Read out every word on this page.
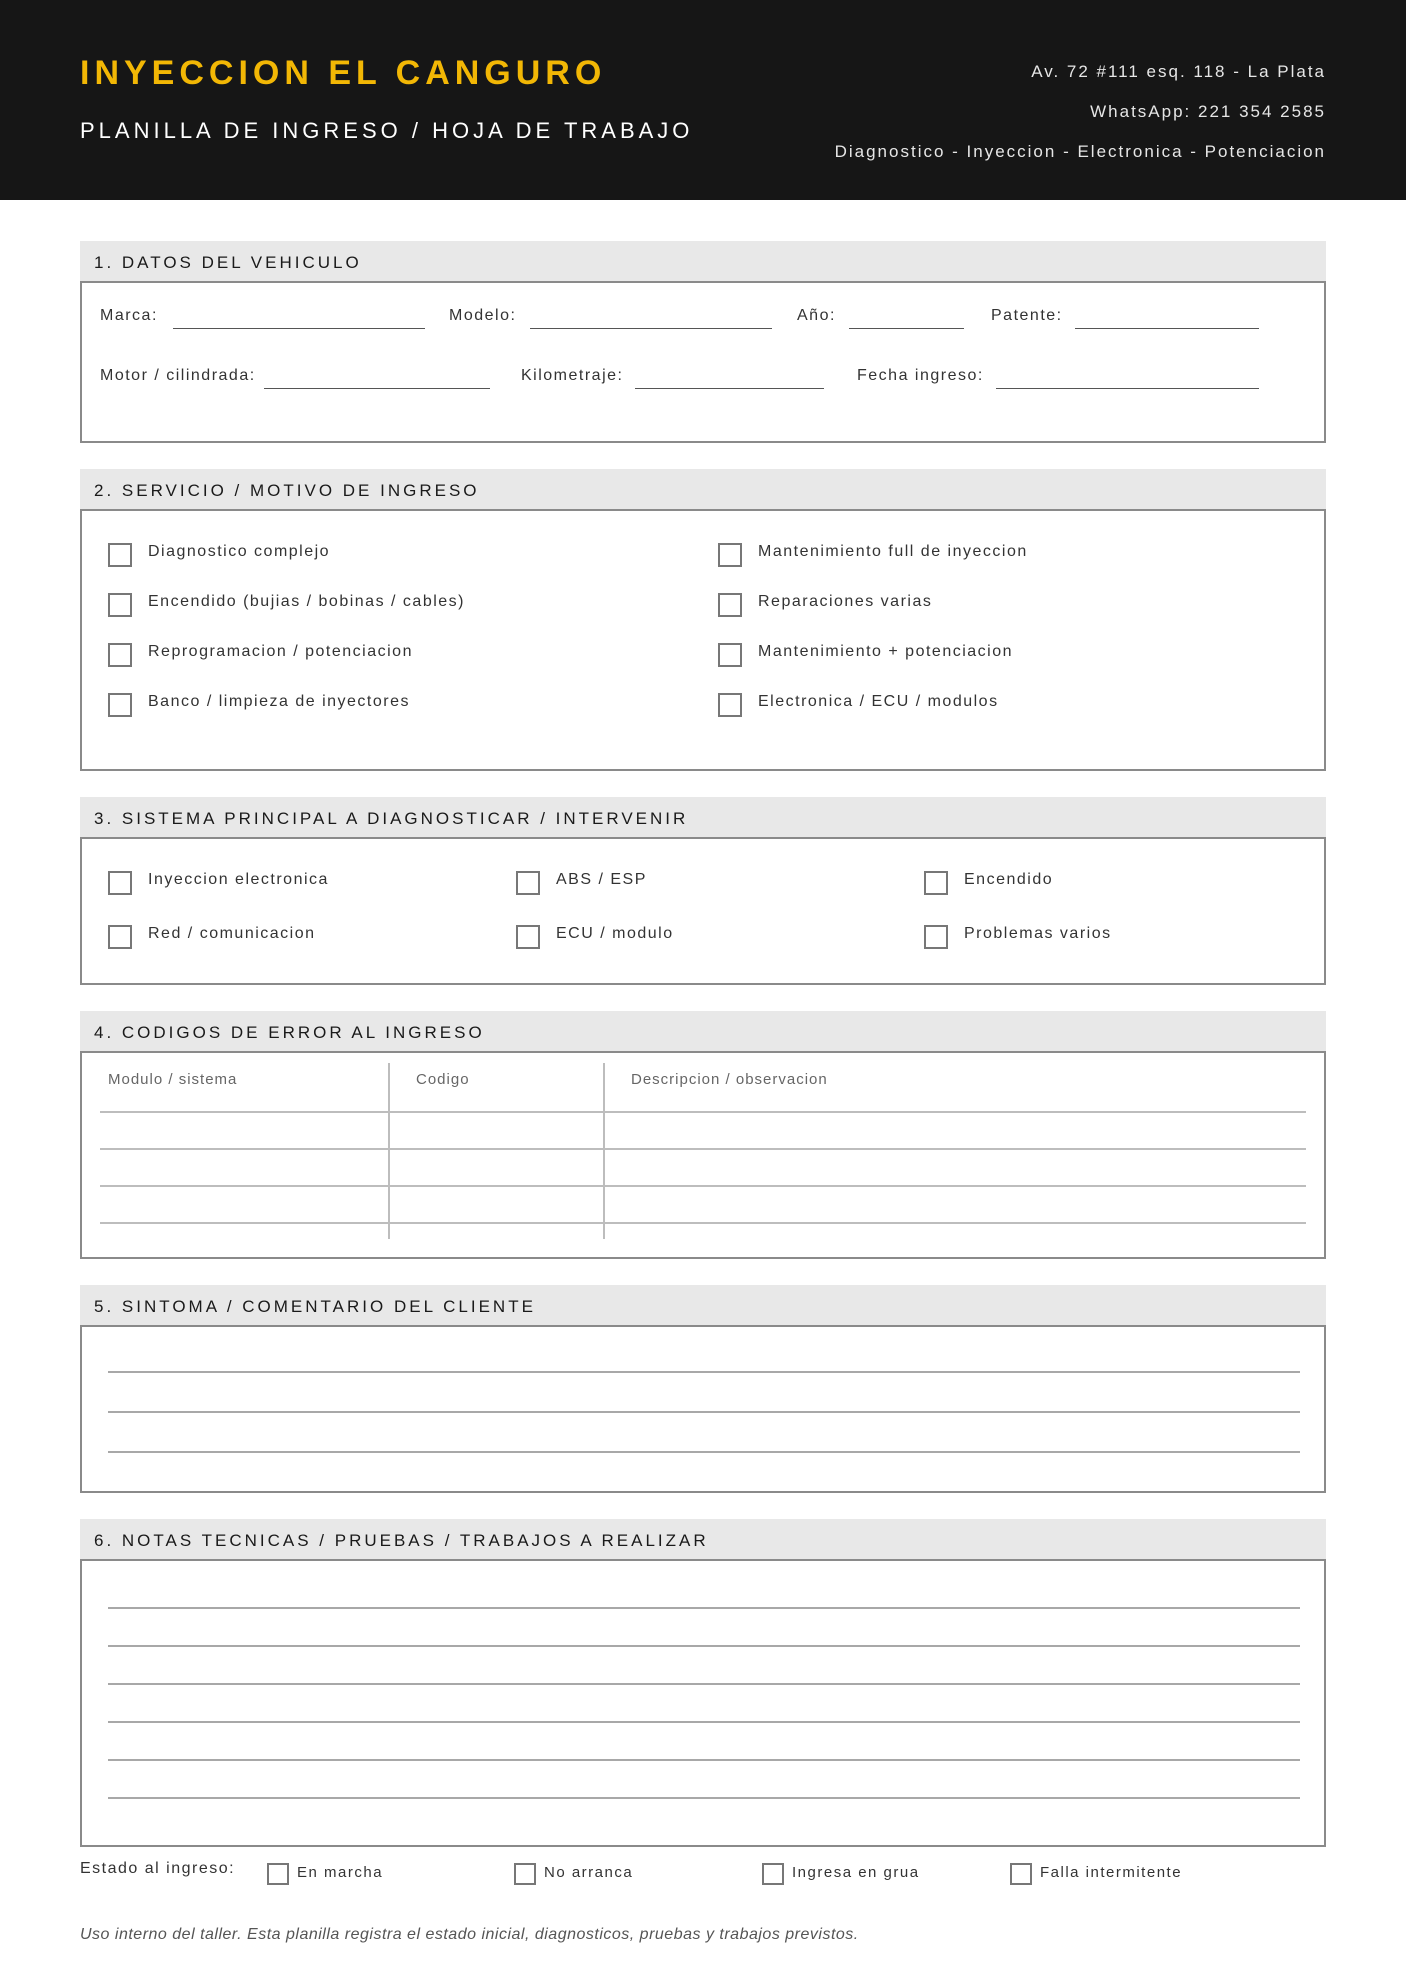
INYECCION EL CANGURO
PLANILLA DE INGRESO / HOJA DE TRABAJO
Av. 72 #111 esq. 118 - La Plata
WhatsApp: 221 354 2585
Diagnostico - Inyeccion - Electronica - Potenciacion
1. DATOS DEL VEHICULO
Marca:	Modelo:	Año:	Patente:
Motor / cilindrada:	Kilometraje:	Fecha ingreso:
2. SERVICIO / MOTIVO DE INGRESO
Diagnostico complejo
Encendido (bujias / bobinas / cables)
Reprogramacion / potenciacion
Banco / limpieza de inyectores
Mantenimiento full de inyeccion
Reparaciones varias
Mantenimiento + potenciacion
Electronica / ECU / modulos
3. SISTEMA PRINCIPAL A DIAGNOSTICAR / INTERVENIR
Inyeccion electronica
Red / comunicacion
ABS / ESP
ECU / modulo
Encendido
Problemas varios
4. CODIGOS DE ERROR AL INGRESO
Modulo / sistema	Codigo	Descripcion / observacion
5. SINTOMA / COMENTARIO DEL CLIENTE
6. NOTAS TECNICAS / PRUEBAS / TRABAJOS A REALIZAR
Estado al ingreso:	En marcha	No arranca	Ingresa en grua	Falla intermitente
Uso interno del taller. Esta planilla registra el estado inicial, diagnosticos, pruebas y trabajos previstos.
